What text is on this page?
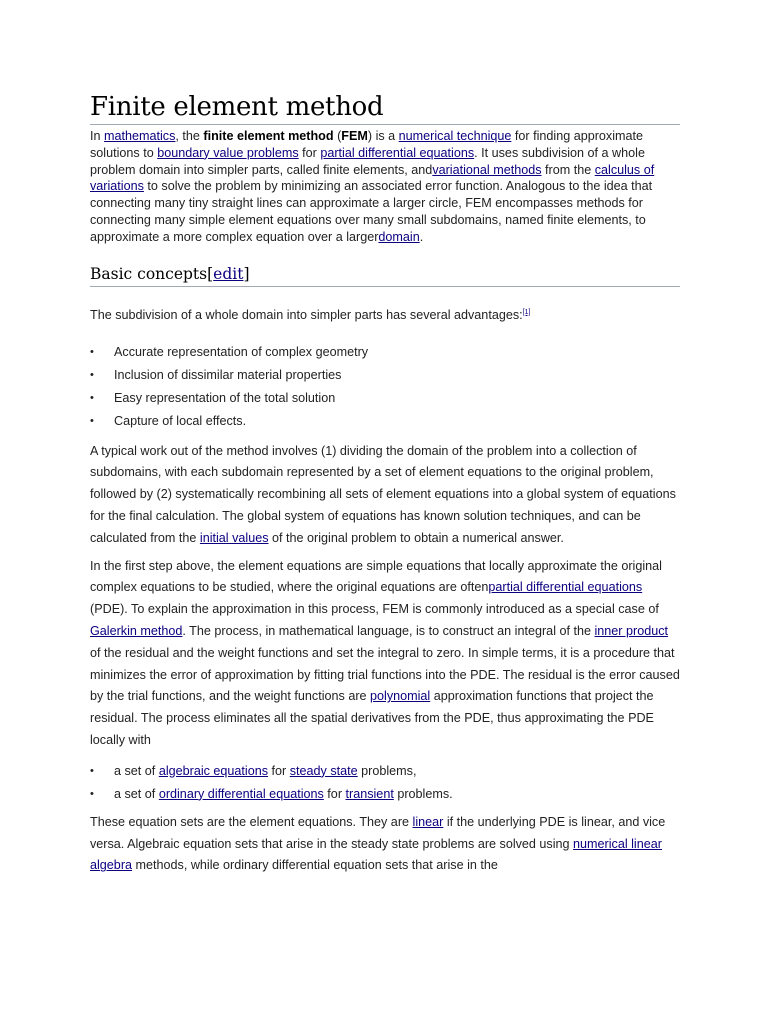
Finite element method

In mathematics, the finite element method (FEM) is a numerical technique for finding approximate solutions to boundary value problems for partial differential equations. It uses subdivision of a whole problem domain into simpler parts, called finite elements, andvariational methods from the calculus of variations to solve the problem by minimizing an associated error function. Analogous to the idea that connecting many tiny straight lines can approximate a larger circle, FEM encompasses methods for connecting many simple element equations over many small subdomains, named finite elements, to approximate a more complex equation over a largerdomain.

Basic concepts[edit]

The subdivision of a whole domain into simpler parts has several advantages:[1]

• Accurate representation of complex geometry
• Inclusion of dissimilar material properties
• Easy representation of the total solution
• Capture of local effects.

A typical work out of the method involves (1) dividing the domain of the problem into a collection of subdomains, with each subdomain represented by a set of element equations to the original problem, followed by (2) systematically recombining all sets of element equations into a global system of equations for the final calculation. The global system of equations has known solution techniques, and can be calculated from the initial values of the original problem to obtain a numerical answer.

In the first step above, the element equations are simple equations that locally approximate the original complex equations to be studied, where the original equations are oftenpartial differential equations (PDE). To explain the approximation in this process, FEM is commonly introduced as a special case of Galerkin method. The process, in mathematical language, is to construct an integral of the inner product of the residual and the weight functions and set the integral to zero. In simple terms, it is a procedure that minimizes the error of approximation by fitting trial functions into the PDE. The residual is the error caused by the trial functions, and the weight functions are polynomial approximation functions that project the residual. The process eliminates all the spatial derivatives from the PDE, thus approximating the PDE locally with

• a set of algebraic equations for steady state problems,
• a set of ordinary differential equations for transient problems.

These equation sets are the element equations. They are linear if the underlying PDE is linear, and vice versa. Algebraic equation sets that arise in the steady state problems are solved using numerical linear algebra methods, while ordinary differential equation sets that arise in the
